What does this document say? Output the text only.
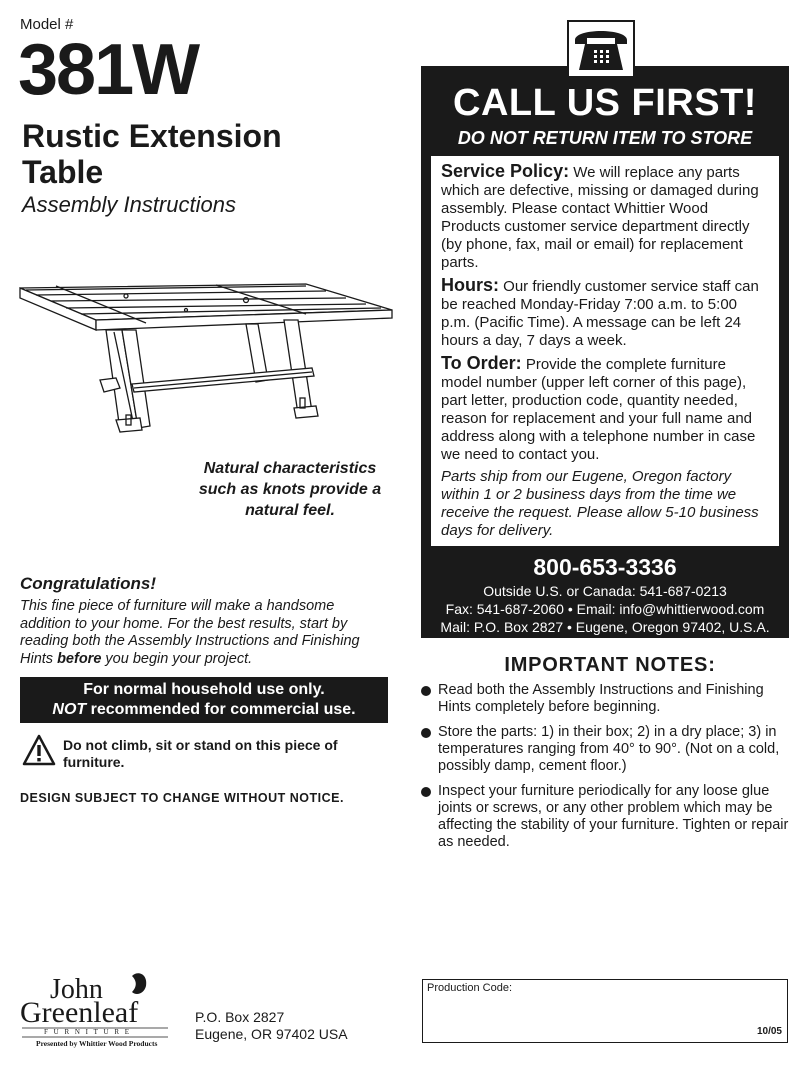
Model #
381W
Rustic Extension
Table
Assembly Instructions
Natural characteristics
such as knots provide a
natural feel.
Congratulations!
This fine piece of furniture will make a handsome addition to your home. For the best results, start by reading both the Assembly Instructions and Finishing Hints before you begin your project.
For normal household use only.
NOT recommended for commercial use.
Do not climb, sit or stand on this piece of furniture.
DESIGN SUBJECT TO CHANGE WITHOUT NOTICE.
CALL US FIRST!
DO NOT RETURN ITEM TO STORE

Service Policy: We will replace any parts which are defective, missing or damaged during assembly. Please contact Whittier Wood Products customer service department directly (by phone, fax, mail or email) for replacement parts.

Hours: Our friendly customer service staff can be reached Monday-Friday 7:00 a.m. to 5:00 p.m. (Pacific Time). A message can be left 24 hours a day, 7 days a week.

To Order: Provide the complete furniture model number (upper left corner of this page), part letter, production code, quantity needed, reason for replacement and your full name and address along with a telephone number in case we need to contact you.

Parts ship from our Eugene, Oregon factory within 1 or 2 business days from the time we receive the request. Please allow 5-10 business days for delivery.

800-653-3336
Outside U.S. or Canada: 541-687-0213
Fax: 541-687-2060 • Email: info@whittierwood.com
Mail: P.O. Box 2827 • Eugene, Oregon 97402, U.S.A.
IMPORTANT NOTES:
Read both the Assembly Instructions and Finishing Hints completely before beginning.
Store the parts: 1) in their box; 2) in a dry place; 3) in temperatures ranging from 40° to 90°. (Not on a cold, possibly damp, cement floor.)
Inspect your furniture periodically for any loose glue joints or screws, or any other problem which may be affecting the stability of your furniture. Tighten or repair as needed.
John
Greenleaf
F U R N I T U R E
Presented by Whittier Wood Products
P.O. Box 2827
Eugene, OR 97402 USA
Production Code:
10/05
